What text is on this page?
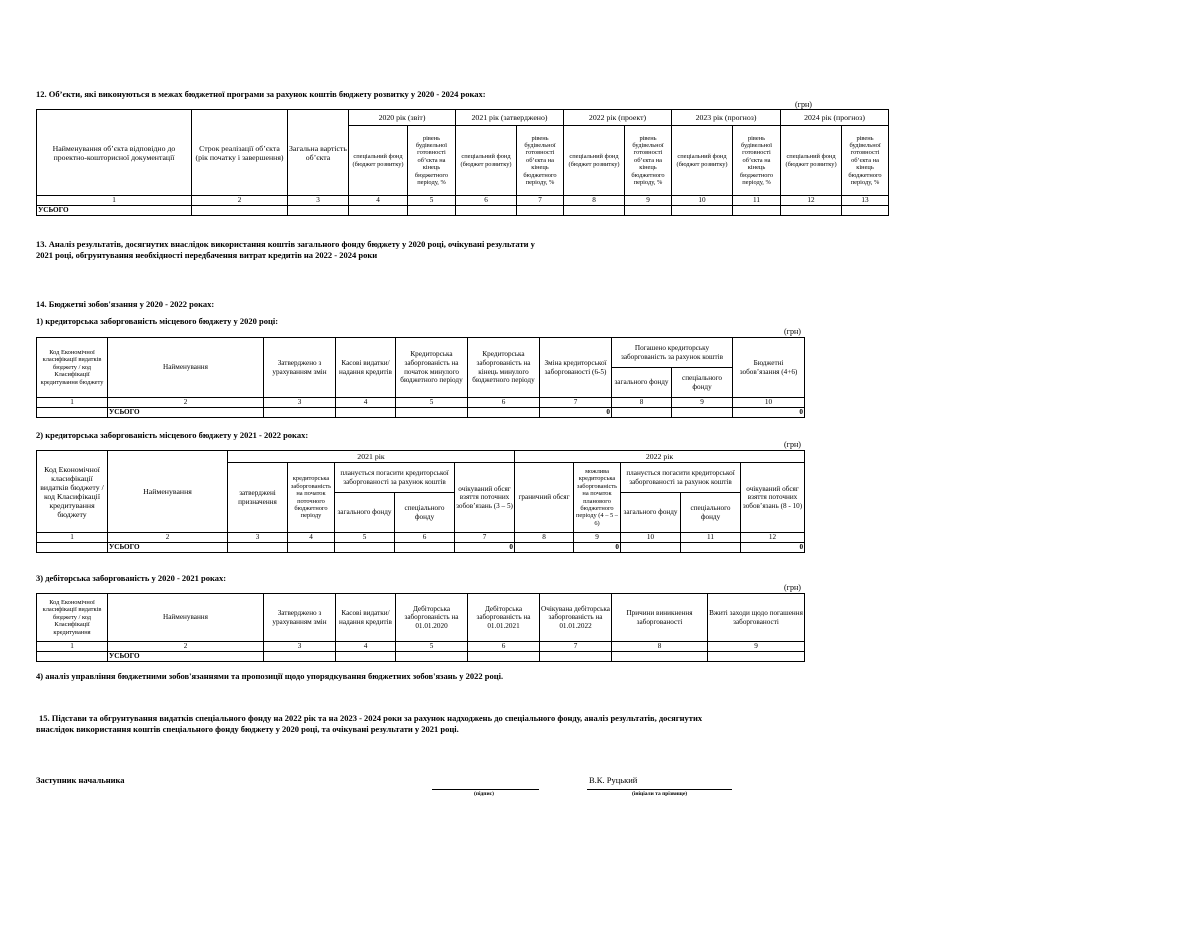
12. Об’єкти, які виконуються в межах бюджетної програми за рахунок коштів бюджету розвитку у 2020 - 2024 роках:
(грн)
Найменування об’єкта відповідно до проектно-кошторисної документації	Строк реалізації об’єкта (рік початку і завершення)	Загальна вартість об’єкта	2020 рік (звіт)		2021 рік (затверджено)		2022 рік (проект)		2023 рік (прогноз)		2024 рік (прогноз)	
			спеціальний фонд (бюджет розвитку)	рівень будівельної готовності об’єкта на кінець бюджетного періоду, %	спеціальний фонд (бюджет розвитку)	рівень будівельної готовності об’єкта на кінець бюджетного періоду, %	спеціальний фонд (бюджет розвитку)	рівень будівельної готовності об’єкта на кінець бюджетного періоду, %	спеціальний фонд (бюджет розвитку)	рівень будівельної готовності об’єкта на кінець бюджетного періоду, %	спеціальний фонд (бюджет розвитку)	рівень будівельної готовності об’єкта на кінець бюджетного періоду, %
1	2	3	4	5	6	7	8	9	10	11	12	13
УСЬОГО												
13. Аналіз результатів, досягнутих внаслідок використання коштів загального фонду бюджету у 2020 році, очікувані результати у
2021 році, обгрунтування необхідності передбачення витрат кредитів на 2022 - 2024 роки
14. Бюджетні зобов'язання у 2020 - 2022 роках:
1) кредиторська заборгованість місцевого бюджету у 2020 році:
(грн)
Код Економічної класифікації видатків бюджету / код Класифікації кредитування бюджету	Найменування	Затверджено з урахуванням змін	Касові видатки/ надання кредитів	Кредиторська заборгованість на початок минулого бюджетного періоду	Кредиторська заборгованість на кінець минулого бюджетного періоду	Зміна кредиторської заборгованості (6-5)	Погашено кредиторську заборгованість за рахунок коштів		Бюджетні зобов’язання (4+6)
							загального фонду	спеціального фонду	
1	2	3	4	5	6	7	8	9	10
	УСЬОГО					0			0
2) кредиторська заборгованість місцевого бюджету у 2021 - 2022 роках:
(грн)
Код Економічної класифікації видатків бюджету / код Класифікації кредитування бюджету	Найменування	2021 рік					2022 рік				
		затверджені призначення	кредиторська заборгованість на початок поточного бюджетного періоду	планується погасити кредиторської заборгованості за рахунок коштів		очікуваний обсяг взяття поточних зобов’язань (3 – 5)	граничний обсяг	можлива кредиторська заборгованість на початок планового бюджетного періоду (4 – 5 – 6)	планується погасити кредиторської заборгованості за рахунок коштів		очікуваний обсяг взяття поточних зобов’язань (8 - 10)
				загального фонду	спеціального фонду				загального фонду	спеціального фонду	
1	2	3	4	5	6	7	8	9	10	11	12
	УСЬОГО					0		0			0
3) дебіторська заборгованість у 2020 - 2021 роках:
(грн)
Код Економічної класифікації видатків бюджету / код Класифікації кредитування	Найменування	Затверджено з урахуванням змін	Касові видатки/ надання кредитів	Дебіторська заборгованість на 01.01.2020	Дебіторська заборгованість на 01.01.2021	Очікувана дебіторська заборгованість на 01.01.2022	Причини виникнення заборгованості	Вжиті заходи щодо погашення заборгованості
1	2	3	4	5	6	7	8	9
	УСЬОГО							
4) аналіз управління бюджетними зобов'язаннями та пропозиції щодо упорядкування бюджетних зобов'язань у 2022 році.
15. Підстави та обгрунтування видатків спеціального фонду на 2022 рік та на 2023 - 2024 роки за рахунок надходжень до спеціального фонду, аналіз результатів, досягнутих
внаслідок використання коштів спеціального фонду бюджету у 2020 році, та очікувані результати у 2021 році.
Заступник начальника	В.К. Руцький
(підпис)	(ініціали та прізвище)
